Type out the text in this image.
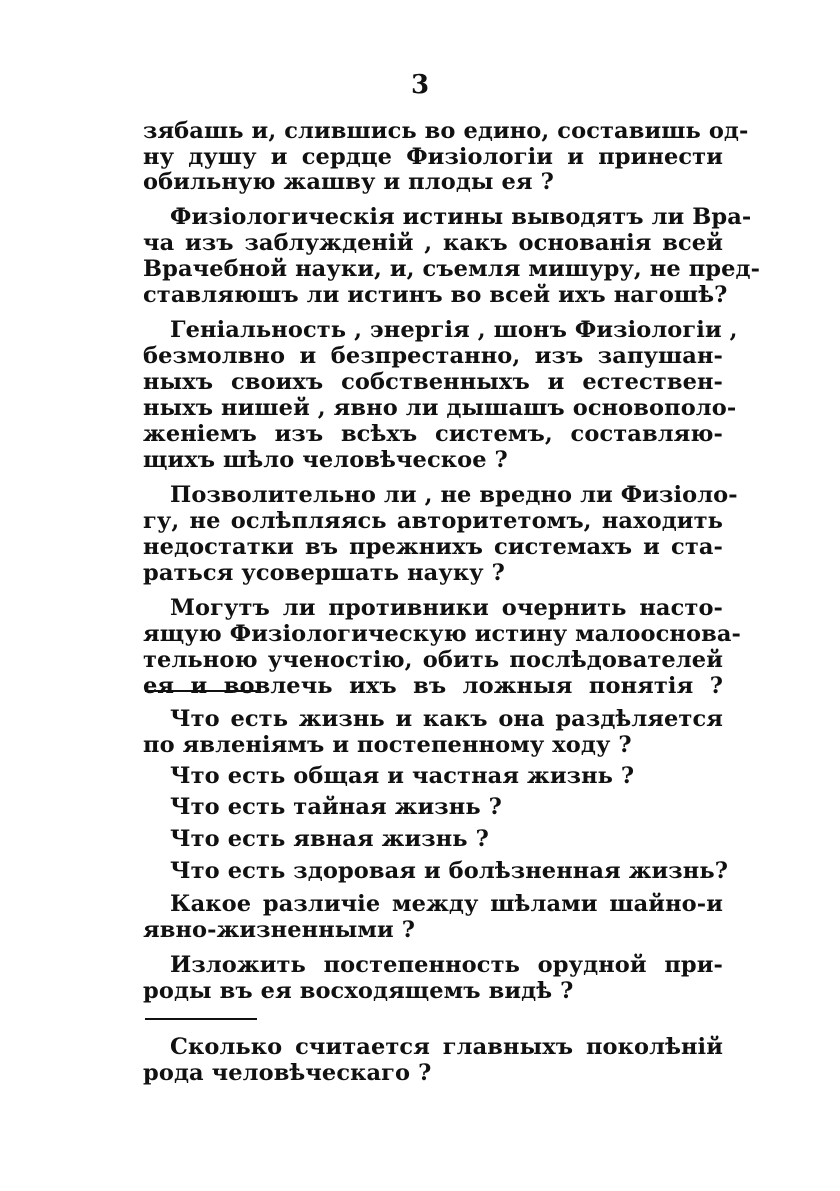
3
зябашь и, слившись во едино, составишь од-
ну душу и сердце Физіологіи и принести
обильную жашву и плоды ея ?
Физіологическія истины выводятъ ли Вра-
ча изъ заблужденій , какъ основанія всей
Врачебной науки, и, съемля мишуру, не пред-
ставляюшъ ли истинъ во всей ихъ нагошѣ?
Геніальность , энергія , шонъ Физіологіи ,
безмолвно и безпрестанно, изъ запушан-
ныхъ своихъ собственныхъ и естествен-
ныхъ нишей , явно ли дышашъ основополо-
женіемъ изъ всѣхъ системъ, составляю-
щихъ шѣло человѣческое ?
Позволительно ли , не вредно ли Физіоло-
гу, не ослѣпляясь авторитетомъ, находить
недостатки въ прежнихъ системахъ и ста-
раться усовершать науку ?
Могутъ ли противники очернить насто-
ящую Физіологическую истину малооснова-
тельною ученостію, обить послѣдователей
ея и вовлечь ихъ въ ложныя понятія ?
Что есть жизнь и какъ она раздѣляется
по явленіямъ и постепенному ходу ?
Что есть общая и частная жизнь ?
Что есть тайная жизнь ?
Что есть явная жизнь ?
Что есть здоровая и болѣзненная жизнь?
Какое различіе между шѣлами шайно-и
явно-жизненными ?
Изложить постепенность орудной при-
роды въ ея восходящемъ видѣ ?
Сколько считается главныхъ поколѣній
рода человѣческаго ?
